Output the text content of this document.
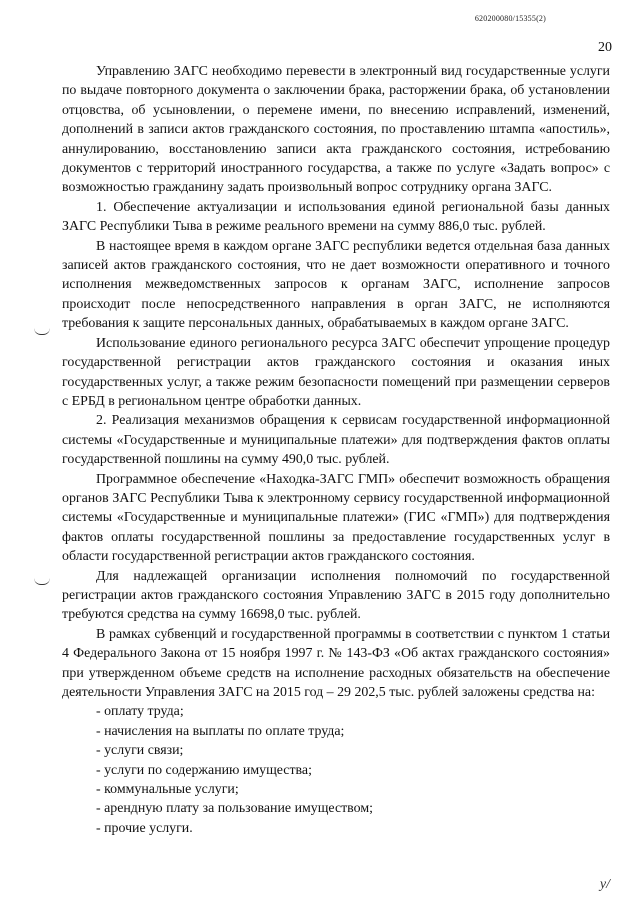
620200080/15355(2)
20

Управлению ЗАГС необходимо перевести в электронный вид государственные услуги по выдаче повторного документа о заключении брака, расторжении брака, об установлении отцовства, об усыновлении, о перемене имени, по внесению исправлений, изменений, дополнений в записи актов гражданского состояния, по проставлению штампа «апостиль», аннулированию, восстановлению записи акта гражданского состояния, истребованию документов с территорий иностранного государства, а также по услуге «Задать вопрос» с возможностью гражданину задать произвольный вопрос сотруднику органа ЗАГС.

1. Обеспечение актуализации и использования единой региональной базы данных ЗАГС Республики Тыва в режиме реального времени на сумму 886,0 тыс. рублей.

В настоящее время в каждом органе ЗАГС республики ведется отдельная база данных записей актов гражданского состояния, что не дает возможности оперативного и точного исполнения межведомственных запросов к органам ЗАГС, исполнение запросов происходит после непосредственного направления в орган ЗАГС, не исполняются требования к защите персональных данных, обрабатываемых в каждом органе ЗАГС.

Использование единого регионального ресурса ЗАГС обеспечит упрощение процедур государственной регистрации актов гражданского состояния и оказания иных государственных услуг, а также режим безопасности помещений при размещении серверов с ЕРБД в региональном центре обработки данных.

2. Реализация механизмов обращения к сервисам государственной информационной системы «Государственные и муниципальные платежи» для подтверждения фактов оплаты государственной пошлины на сумму 490,0 тыс. рублей.

Программное обеспечение «Находка-ЗАГС ГМП» обеспечит возможность обращения органов ЗАГС Республики Тыва к электронному сервису государственной информационной системы «Государственные и муниципальные платежи» (ГИС «ГМП») для подтверждения фактов оплаты государственной пошлины за предоставление государственных услуг в области государственной регистрации актов гражданского состояния.

Для надлежащей организации исполнения полномочий по государственной регистрации актов гражданского состояния Управлению ЗАГС в 2015 году дополнительно требуются средства на сумму 16698,0 тыс. рублей.

В рамках субвенций и государственной программы в соответствии с пунктом 1 статьи 4 Федерального Закона от 15 ноября 1997 г. № 143-ФЗ «Об актах гражданского состояния» при утвержденном объеме средств на исполнение расходных обязательств на обеспечение деятельности Управления ЗАГС на 2015 год – 29 202,5 тыс. рублей заложены средства на:

- оплату труда;
- начисления на выплаты по оплате труда;
- услуги связи;
- услуги по содержанию имущества;
- коммунальные услуги;
- арендную плату за пользование имуществом;
- прочие услуги.
у/
